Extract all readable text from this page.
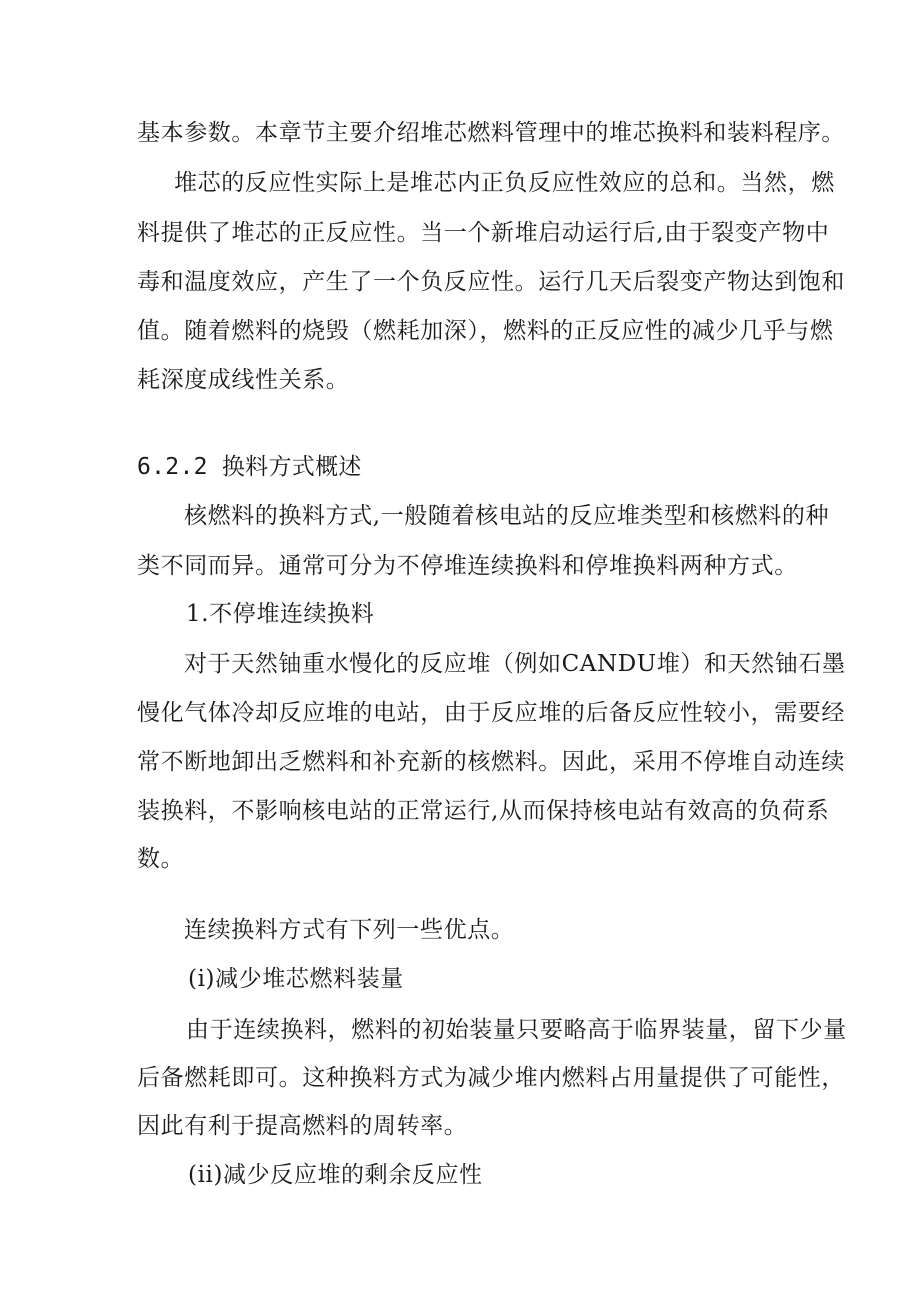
基本参数。本章节主要介绍堆芯燃料管理中的堆芯换料和装料程序。
堆芯的反应性实际上是堆芯内正负反应性效应的总和。当然，燃
料提供了堆芯的正反应性。当一个新堆启动运行后,由于裂变产物中
毒和温度效应，产生了一个负反应性。运行几天后裂变产物达到饱和
值。随着燃料的烧毁（燃耗加深），燃料的正反应性的减少几乎与燃
耗深度成线性关系。
6.2.2 换料方式概述
核燃料的换料方式,一般随着核电站的反应堆类型和核燃料的种
类不同而异。通常可分为不停堆连续换料和停堆换料两种方式。
1.不停堆连续换料
对于天然铀重水慢化的反应堆（例如CANDU堆）和天然铀石墨
慢化气体冷却反应堆的电站，由于反应堆的后备反应性较小，需要经
常不断地卸出乏燃料和补充新的核燃料。因此，采用不停堆自动连续
装换料，不影响核电站的正常运行,从而保持核电站有效高的负荷系
数。
连续换料方式有下列一些优点。
(i)减少堆芯燃料装量
由于连续换料，燃料的初始装量只要略高于临界装量，留下少量
后备燃耗即可。这种换料方式为减少堆内燃料占用量提供了可能性，
因此有利于提高燃料的周转率。
(ii)减少反应堆的剩余反应性
